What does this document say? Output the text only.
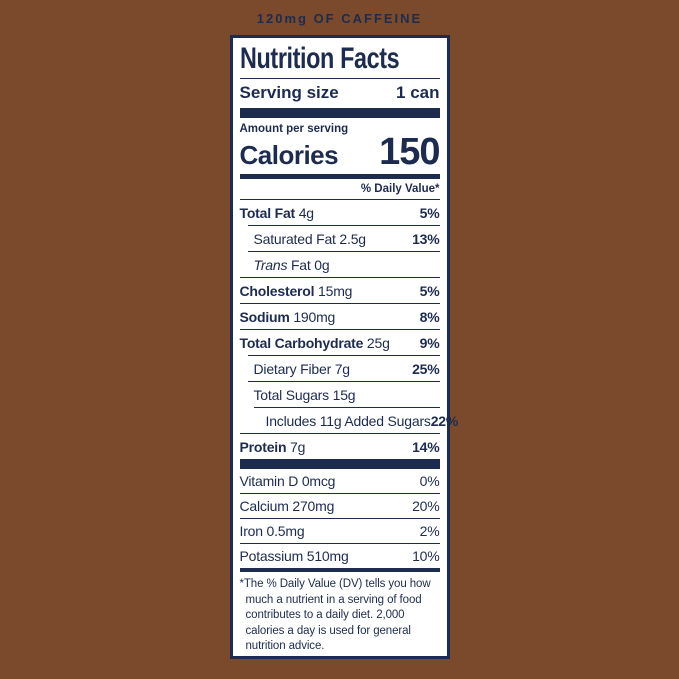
120mg OF CAFFEINE
Nutrition Facts
Serving size	1 can
Amount per serving
Calories 150
% Daily Value*
Total Fat 4g	5%
Saturated Fat 2.5g	13%
Trans Fat 0g
Cholesterol 15mg	5%
Sodium 190mg	8%
Total Carbohydrate 25g 9%
Dietary Fiber 7g	25%
Total Sugars 15g
Includes 11g Added Sugars 22%
Protein 7g	14%
Vitamin D 0mcg	0%
Calcium 270mg	20%
Iron 0.5mg	2%
Potassium 510mg	10%
*The % Daily Value (DV) tells you how much a nutrient in a serving of food contributes to a daily diet. 2,000 calories a day is used for general nutrition advice.
